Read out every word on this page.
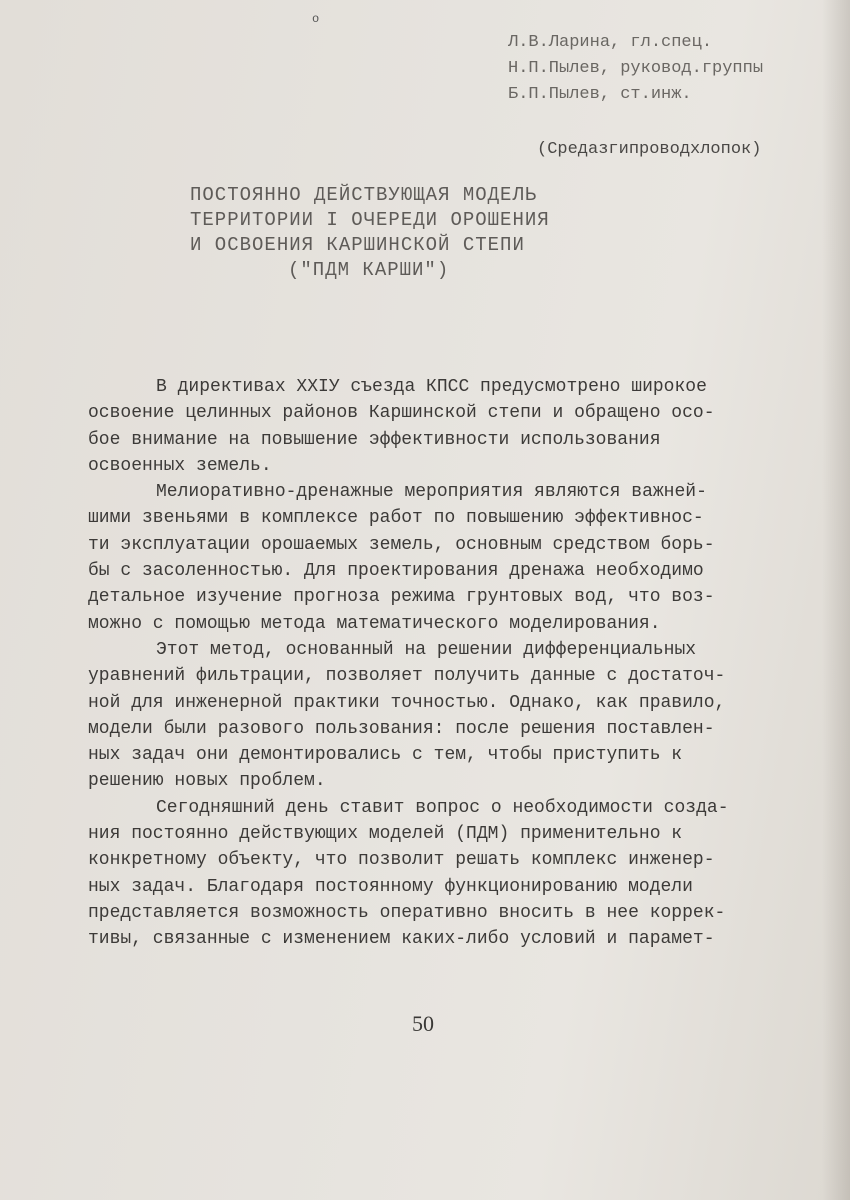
o
Л.В.Ларина, гл.спец.
Н.П.Пылев, руковод.группы
Б.П.Пылев, ст.инж.
(Средазгипроводхлопок)
ПОСТОЯННО ДЕЙСТВУЮЩАЯ МОДЕЛЬ
ТЕРРИТОРИИ I ОЧЕРЕДИ ОРОШЕНИЯ
И ОСВОЕНИЯ КАРШИНСКОЙ СТЕПИ
("ПДМ КАРШИ")
В директивах ХХIУ съезда КПСС предусмотрено широкое
освоение целинных районов Каршинской степи и обращено осо-
бое внимание на повышение эффективности использования
освоенных земель.
Мелиоративно-дренажные мероприятия являются важней-
шими звеньями в комплексе работ по повышению эффективнос-
ти эксплуатации орошаемых земель, основным средством борь-
бы с засоленностью. Для проектирования дренажа необходимо
детальное изучение прогноза режима грунтовых вод, что воз-
можно с помощью метода математического моделирования.
Этот метод, основанный на решении дифференциальных
уравнений фильтрации, позволяет получить данные с достаточ-
ной для инженерной практики точностью. Однако, как правило,
модели были разового пользования: после решения поставлен-
ных задач они демонтировались с тем, чтобы приступить к
решению новых проблем.
Сегодняшний день ставит вопрос о необходимости созда-
ния постоянно действующих моделей (ПДМ) применительно к
конкретному объекту, что позволит решать комплекс инженер-
ных задач. Благодаря постоянному функционированию модели
представляется возможность оперативно вносить в нее коррек-
тивы, связанные с изменением каких-либо условий и парамет-
50
